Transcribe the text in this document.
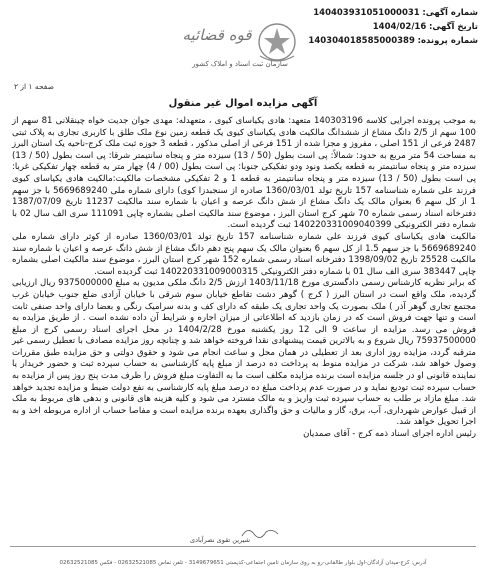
شماره آگهی: 140403931051000031
تاریخ آگهی: 1404/02/16
شماره پرونده: 140304018585000389
قوه قضائیه
سازمان ثبت اسناد و املاک کشور
صفحه ۱ از ۲
آگهی مزایده اموال غیر منقول

به موجب پرونده اجرایی کلاسه 140303196 متعهد: هادی یکیاسای کیوی ، متعهدله: مهدی جوان جدیت خواه چینقلانی 81 سهم از 100 سهم از 2/5 دانگ مشاع از ششدانگ مالکیت هادی یکیاسای کیوی یک قطعه زمین نوع ملک طلق با کاربری تجاری به پلاک ثبتی 2487 فرعی از 151 اصلی ، مفروز و مجزا شده از 151 فرعی از اصلی مذکور ، قطعه 3 حوزه ثبت ملک کرج-ناحیه یک استان البرز به مساحت 54 متر مربع به حدود: شمالاً: پی است بطول (50 / 13) سیزده متر و پنجاه سانتیمتر شرقا: پی است بطول (50 / 13) سیزده متر و پنجاه سانتیمتر به قطعه یکصد ونود ودو تفکیکی جنوبا: پی است بطول (00 / 4) چهار متر به قطعه چهار تفکیکی غربا: پی است بطول (50 / 13) سیزده متر و پنجاه سانتیمتر به قطعه 1 و 2 تفکیکی مشخصات مالکیت:مالکیت هادی یکیاسای کیوی فرزند علی شماره شناسنامه 157 تاریخ تولد 1360/03/01 صادره از سنجبدزا کوی) دارای شماره ملی 5669689240 با جز سهم 1 از کل سهم 6 بعنوان مالک یک دانگ مشاع از شش دانگ عرصه و اعیان با شماره سند مالکیت 11237 تاریخ 1387/07/09 دفترخانه اسناد رسمی شماره 70 شهر کرج استان البرز ، موضوع سند مالکیت اصلی بشماره چاپی 111091 سری الف سال 02 با شماره دفتر الکترونیکی 140220331009040399 ثبت گردیده است.

مالکیت هادی یکیاسای کیوی فرزند علی شماره شناسنامه 157 تاریخ تولد 1360/03/01 صادره از کوثر دارای شماره ملی 5669689240 با جز سهم 1.5 از کل سهم 6 بعنوان مالک یک سهم پنج دهم دانگ مشاع از شش دانگ عرصه و اعیان با شماره سند مالکیت 25528 تاریخ 1398/09/02 دفترخانه اسناد رسمی شماره 152 شهر کرج استان البرز ، موضوع سند مالکیت اصلی بشماره چاپی 383447 سری الف سال 01 با شماره دفتر الکترونیکی 140220331009000315 ثبت گردیده است.

که برابر نظریه کارشناس رسمی دادگستری مورخ 1403/11/18 ارزش 2/5 دانگ ملکی مدیون به مبلغ 9375000000 ریال ارزیابی گردیده، ملک واقع است در استان البرز ( کرج ) گوهر دشت تقاطع خیابان سوم شرقی با خیابان آزادی ضلع جنوب خیابان غرب مجتمع تجاری گوهر آذر ) ملک بصورت یک واحد تجاری یک طبقه که دارای کف و بدنه سرامیک رنگی و بعضا دارای واحد صنفی ثابت است و تنها جهت فروش است که در زمان بازدید که اطلاعاتی از میزان اجاره و شرایط آن داده نشده است . از طریق مزایده به فروش می رسد. مزایده از ساعت 9 الی 12 روز یکشنبه مورخ 1404/2/28 در محل اجرای اسناد رسمی کرج از مبلغ 75937500000 ریال شروع و به بالاترین قیمت پیشنهادی نقدا فروخته خواهد شد و چنانچه روز مزایده مصادف با تعطیل رسمی غیر مترقبه گردد، مزایده روز اداری بعد از تعطیلی در همان محل و ساعت انجام می شود و حقوق دولتی و حق مزایده طبق مقررات وصول خواهد شد، شرکت در مزایده منوط به پرداخت ده درصد از مبلغ پایه کارشناسی به حساب سپرده ثبت و حضور خریدار یا نماینده قانونی او در جلسه مزایده است برنده مزایده مکلف است ما به التفاوت مبلغ فروش را ظرف مدت پنج روز پس از مزایده به حساب سپرده ثبت تودیع نماید و در صورت عدم پرداخت مبلغ ده درصد مبلغ پایه کارشناسی به نفع دولت ضبط و مزایده تجدید خواهد شد. مبلغ مازاد بر طلب به حساب سپرده ثبت واریز و به مالک مسترد می شود و کلیه هزینه های قانونی و بدهی های مربوط به ملک از قبیل عوارض شهرداری، آب، برق، گاز و مالیات و حق واگذاری بعهده برنده مزایده است و مفاصا حساب از اداره مربوطه اخذ و به اجرا تحویل خواهد شد.

رئیس اداره اجرای اسناد ذمه کرج - آقای صمدیان

شیرین تقوی نصرآبادی
آدرس: کرج-میدان آزادگان-اول بلوار طالقانی-رو به روی سازمان تامین اجتماعی-کدپستی 3149679651 - تلفن تماس 02632521085 - فکس 02632521085
